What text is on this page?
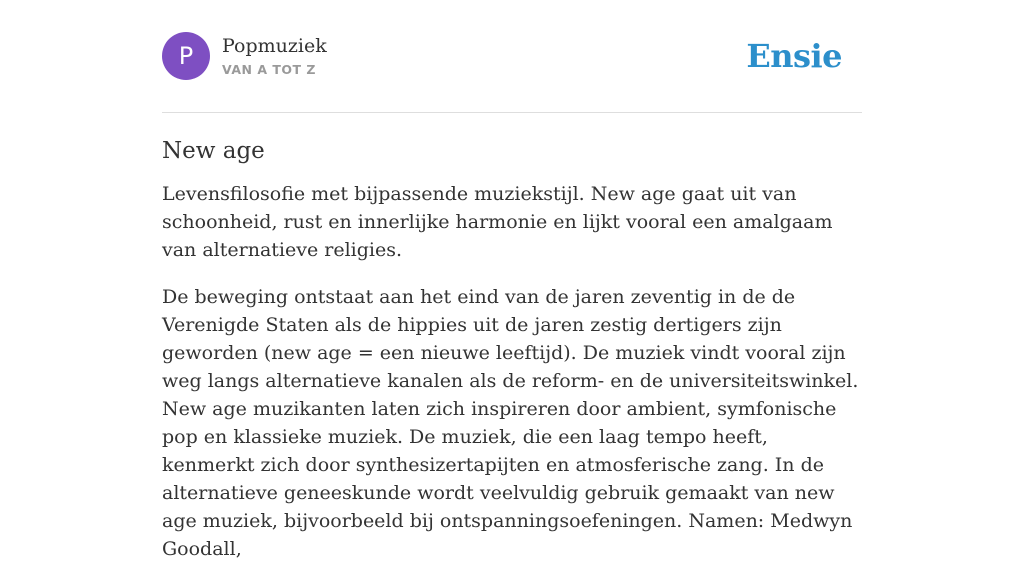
P	Popmuziek
VAN A TOT Z	Ensie
New age

Levensfilosofie met bijpassende muziekstijl. New age gaat uit van schoonheid, rust en innerlijke harmonie en lijkt vooral een amalgaam van alternatieve religies.

De beweging ontstaat aan het eind van de jaren zeventig in de de Verenigde Staten als de hippies uit de jaren zestig dertigers zijn geworden (new age = een nieuwe leeftijd). De muziek vindt vooral zijn weg langs alternatieve kanalen als de reform- en de universiteitswinkel. New age muzikanten laten zich inspireren door ambient, symfonische pop en klassieke muziek. De muziek, die een laag tempo heeft, kenmerkt zich door synthesizertapijten en atmosferische zang. In de alternatieve geneeskunde wordt veelvuldig gebruik gemaakt van new age muziek, bijvoorbeeld bij ontspanningsoefeningen. Namen: Medwyn Goodall,
